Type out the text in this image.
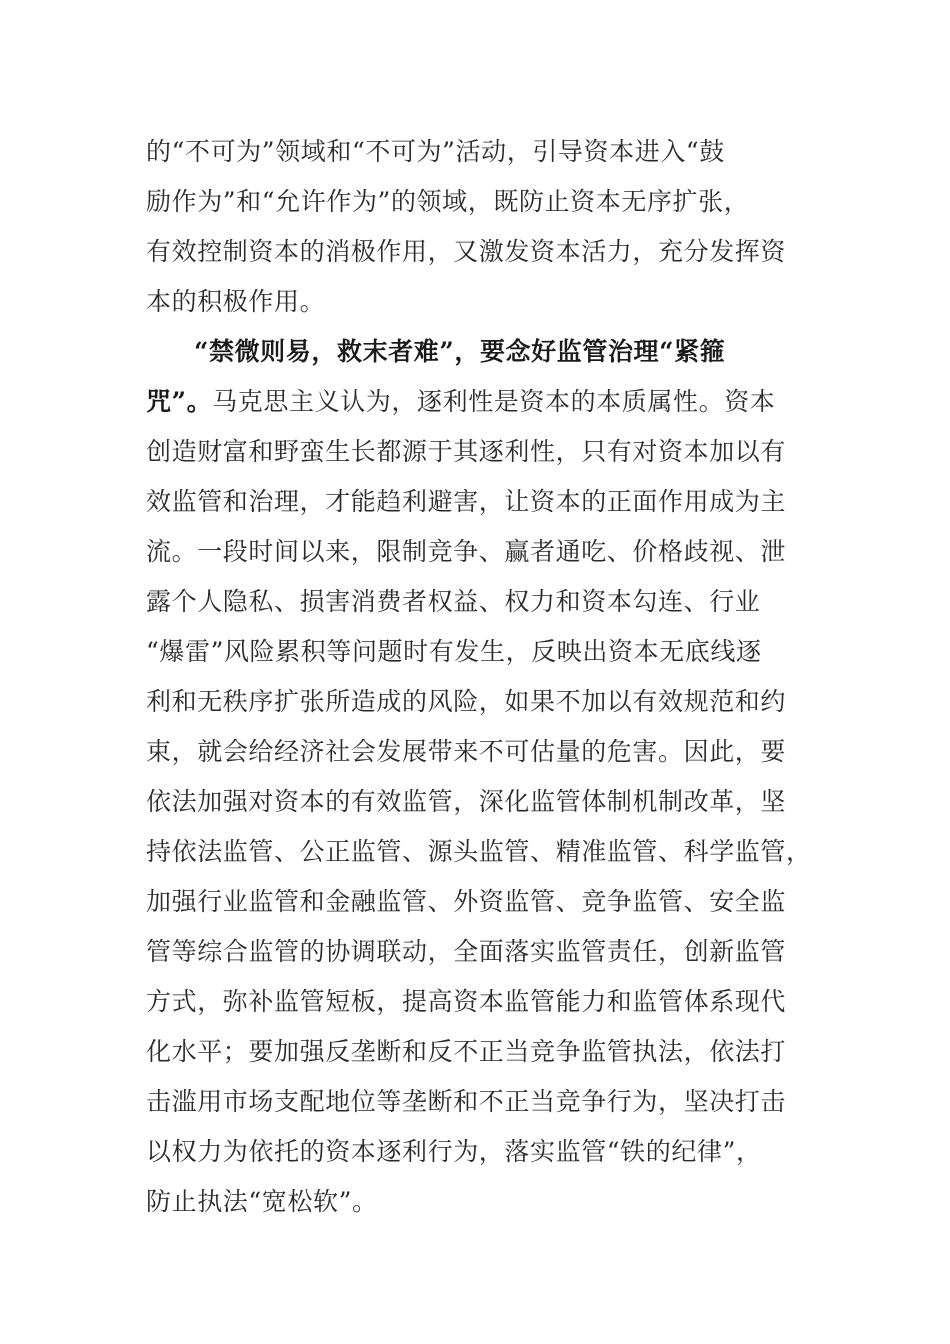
的“不可为”领域和“不可为”活动，引导资本进入“鼓
励作为”和“允许作为”的领域，既防止资本无序扩张，
有效控制资本的消极作用，又激发资本活力，充分发挥资
本的积极作用。
“禁微则易，救末者难”，要念好监管治理“紧箍
咒”。马克思主义认为，逐利性是资本的本质属性。资本
创造财富和野蛮生长都源于其逐利性，只有对资本加以有
效监管和治理，才能趋利避害，让资本的正面作用成为主
流。一段时间以来，限制竞争、赢者通吃、价格歧视、泄
露个人隐私、损害消费者权益、权力和资本勾连、行业
“爆雷”风险累积等问题时有发生，反映出资本无底线逐
利和无秩序扩张所造成的风险，如果不加以有效规范和约
束，就会给经济社会发展带来不可估量的危害。因此，要
依法加强对资本的有效监管，深化监管体制机制改革，坚
持依法监管、公正监管、源头监管、精准监管、科学监管，
加强行业监管和金融监管、外资监管、竞争监管、安全监
管等综合监管的协调联动，全面落实监管责任，创新监管
方式，弥补监管短板，提高资本监管能力和监管体系现代
化水平；要加强反垄断和反不正当竞争监管执法，依法打
击滥用市场支配地位等垄断和不正当竞争行为，坚决打击
以权力为依托的资本逐利行为，落实监管“铁的纪律”，
防止执法“宽松软”。
